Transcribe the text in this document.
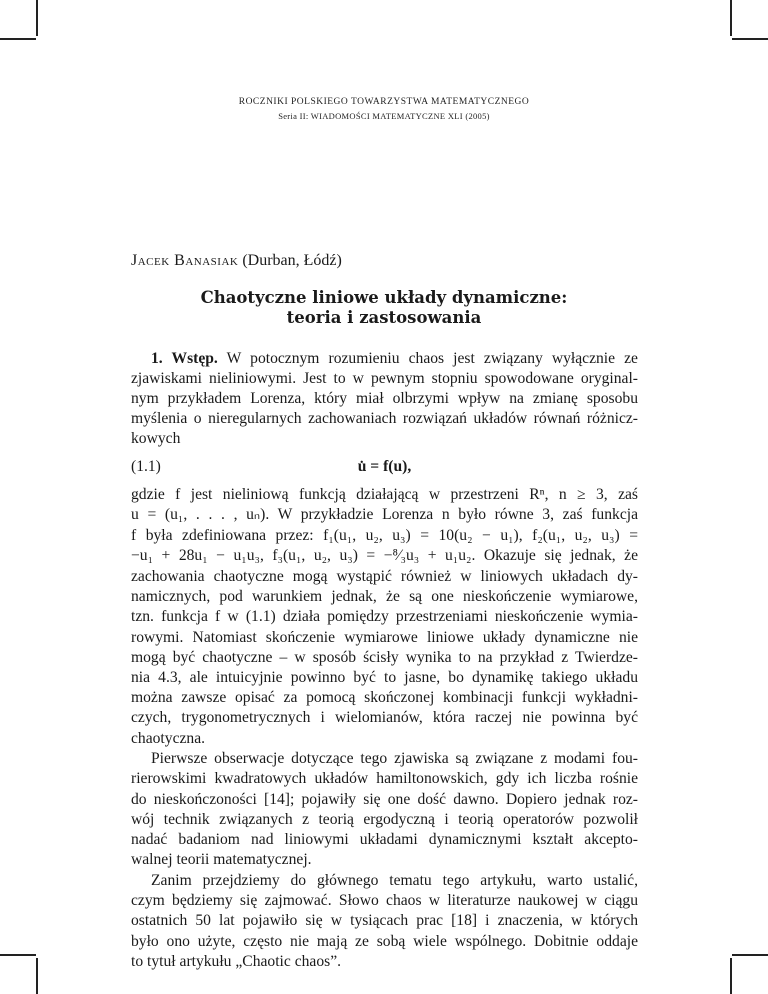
ROCZNIKI POLSKIEGO TOWARZYSTWA MATEMATYCZNEGO
Seria II: WIADOMOŚCI MATEMATYCZNE XLI (2005)
Jacek Banasiak (Durban, Łódź)
Chaotyczne liniowe układy dynamiczne:
teoria i zastosowania
1. Wstęp. W potocznym rozumieniu chaos jest związany wyłącznie ze
zjawiskami nieliniowymi. Jest to w pewnym stopniu spowodowane oryginal-
nym przykładem Lorenza, który miał olbrzymi wpływ na zmianę sposobu
myślenia o nieregularnych zachowaniach rozwiązań układów równań różnicz-
kowych
(1.1)	u̇ = f(u),
gdzie f jest nieliniową funkcją działającą w przestrzeni Rⁿ, n ≥ 3, zaś
u = (u₁, . . . , uₙ). W przykładzie Lorenza n było równe 3, zaś funkcja
f była zdefiniowana przez: f₁(u₁, u₂, u₃) = 10(u₂ − u₁), f₂(u₁, u₂, u₃) =
−u₁ + 28u₁ − u₁u₃, f₃(u₁, u₂, u₃) = −⁸⁄₃u₃ + u₁u₂. Okazuje się jednak, że
zachowania chaotyczne mogą wystąpić również w liniowych układach dy-
namicznych, pod warunkiem jednak, że są one nieskończenie wymiarowe,
tzn. funkcja f w (1.1) działa pomiędzy przestrzeniami nieskończenie wymia-
rowymi. Natomiast skończenie wymiarowe liniowe układy dynamiczne nie
mogą być chaotyczne – w sposób ścisły wynika to na przykład z Twierdze-
nia 4.3, ale intuicyjnie powinno być to jasne, bo dynamikę takiego układu
można zawsze opisać za pomocą skończonej kombinacji funkcji wykładni-
czych, trygonometrycznych i wielomianów, która raczej nie powinna być
chaotyczna.
Pierwsze obserwacje dotyczące tego zjawiska są związane z modami fou-
rierowskimi kwadratowych układów hamiltonowskich, gdy ich liczba rośnie
do nieskończoności [14]; pojawiły się one dość dawno. Dopiero jednak roz-
wój technik związanych z teorią ergodyczną i teorią operatorów pozwolił
nadać badaniom nad liniowymi układami dynamicznymi kształt akcepto-
walnej teorii matematycznej.
Zanim przejdziemy do głównego tematu tego artykułu, warto ustalić,
czym będziemy się zajmować. Słowo chaos w literaturze naukowej w ciągu
ostatnich 50 lat pojawiło się w tysiącach prac [18] i znaczenia, w których
było ono użyte, często nie mają ze sobą wiele wspólnego. Dobitnie oddaje
to tytuł artykułu „Chaotic chaos”.
